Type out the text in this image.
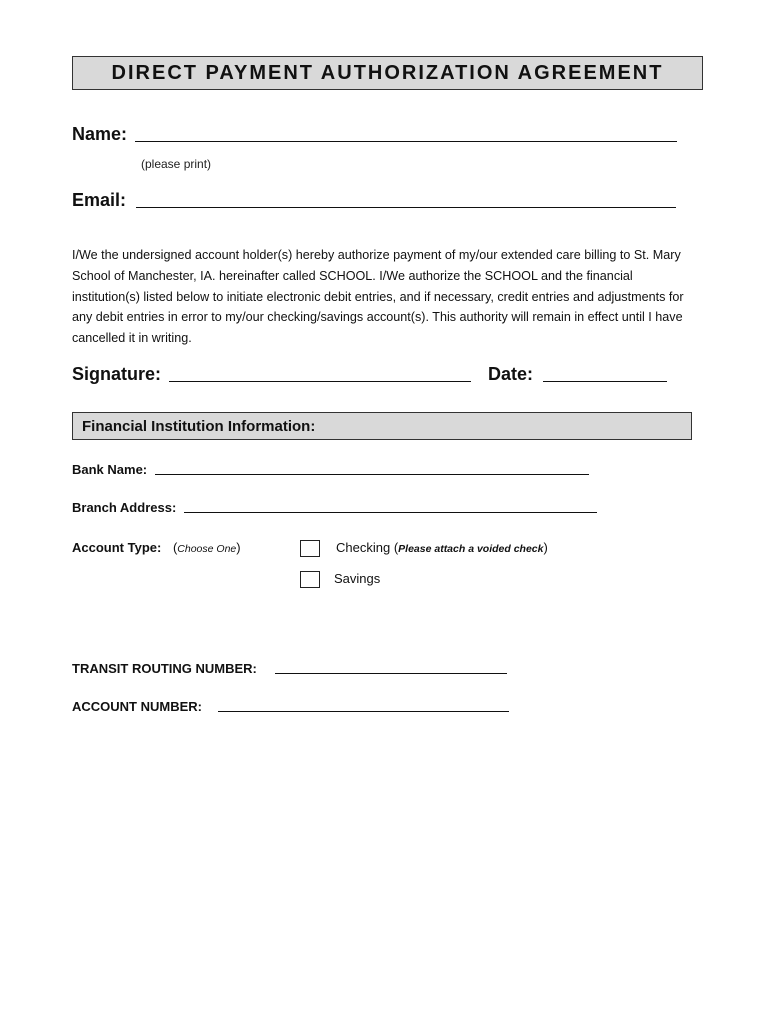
DIRECT PAYMENT AUTHORIZATION AGREEMENT
Name:
(please print)
Email:

I/We the undersigned account holder(s) hereby authorize payment of my/our extended care billing to St. Mary School of Manchester, IA. hereinafter called SCHOOL. I/We authorize the SCHOOL and the financial institution(s) listed below to initiate electronic debit entries, and if necessary, credit entries and adjustments for any debit entries in error to my/our checking/savings account(s). This authority will remain in effect until I have cancelled it in writing.

Signature:	Date:
Financial Institution Information:
Bank Name:
Branch Address:
Account Type: (Choose One)	Checking (Please attach a voided check)
Savings
TRANSIT ROUTING NUMBER:
ACCOUNT NUMBER:
